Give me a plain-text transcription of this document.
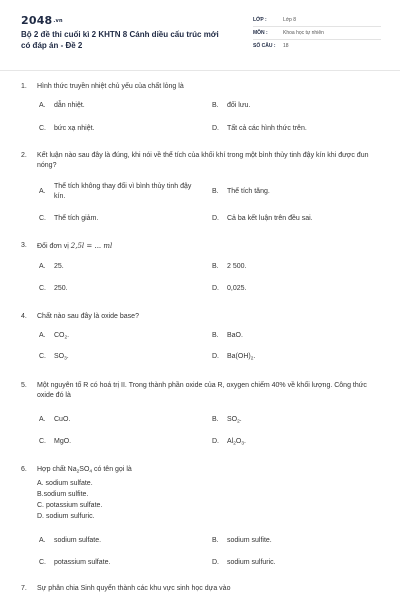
2048.vn
Bộ 2 đề thi cuối kì 2 KHTN 8 Cánh diều cấu trúc mới có đáp án - Đề 2
LỚP :	Lớp 8
MÔN :	Khoa học tự nhiên
SỐ CÂU :	18
1.	Hình thức truyền nhiệt chủ yếu của chất lỏng là
A.	dẫn nhiệt.	B.	đối lưu.
C.	bức xạ nhiệt.	D.	Tất cả các hình thức trên.
2.	Kết luận nào sau đây là đúng, khi nói về thể tích của khối khí trong một bình thủy tinh đậy kín khi được đun nóng?
A.
Thể tích không thay đổi vì bình thủy tinh đậy kín.
B.	Thể tích tăng.
C.	Thể tích giảm.	D.	Cả ba kết luận trên đều sai.
3.	Đổi đơn vị 2,5l = ... ml
A.	25.	B.	2 500.
C.	250.	D.	0,025.
4.	Chất nào sau đây là oxide base?
A.	$CO_2$.	B.	BaO.
C.	$SO_3$.	D.	$Ba(OH)_2$.
5.	Một nguyên tố R có hoá trị II. Trong thành phần oxide của R, oxygen chiếm 40% về khối lượng. Công thức oxide đó là
A.	CuO.	B.	$SO_2$.
C.	MgO.	D.	$Al_2O_3$.
6.	Hợp chất $Na_2SO_4$ có tên gọi là
A. sodium sulfate.
B.sodium sulfite.
C. potassium sulfate.
D. sodium sulfuric.
A.	sodium sulfate.	B.	sodium sulfite.
C.	potassium sulfate.	D.	sodium sulfuric.
7.	Sự phân chia Sinh quyển thành các khu vực sinh học dựa vào
